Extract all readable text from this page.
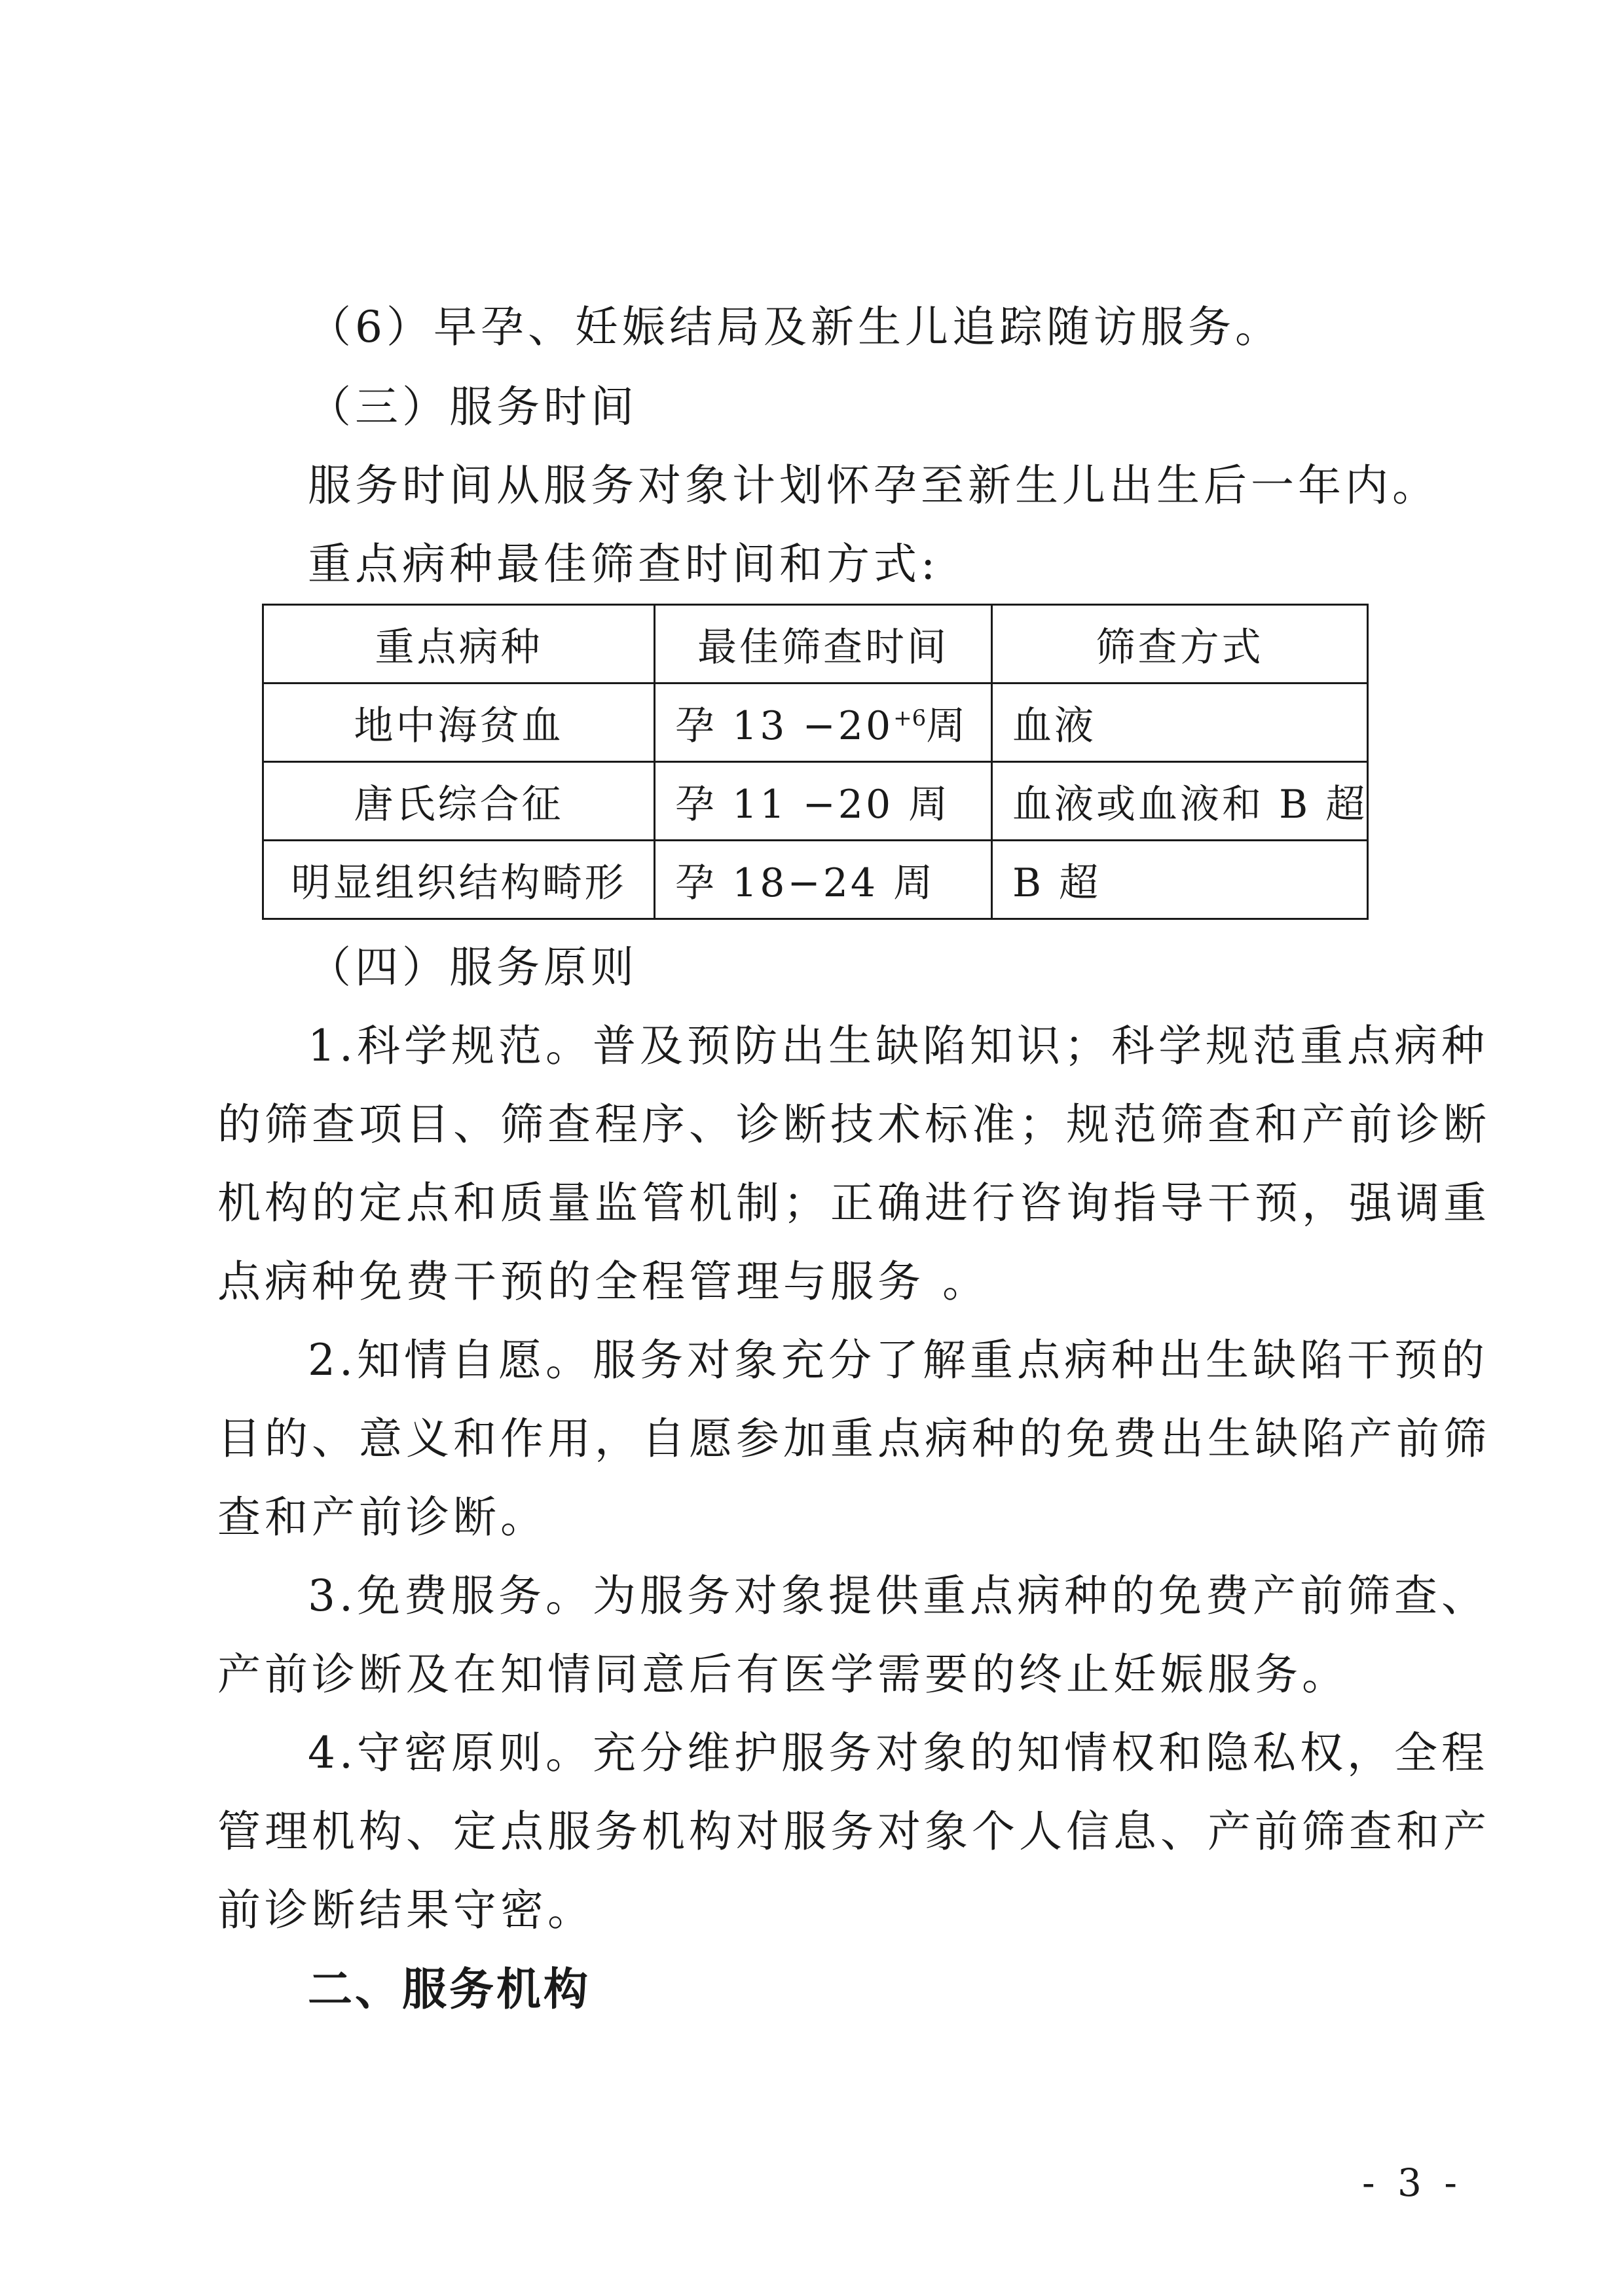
（6）早孕、妊娠结局及新生儿追踪随访服务。
（三）服务时间
服务时间从服务对象计划怀孕至新生儿出生后一年内。
重点病种最佳筛查时间和方式:
重点病种	最佳筛查时间	筛查方式
地中海贫血	孕 $13 -20^{+6}$周	血液
唐氏综合征	孕 11 −20 周	血液或血液和 B 超
明显组织结构畸形	孕 18−24 周	B 超
（四）服务原则
1.科学规范。普及预防出生缺陷知识；科学规范重点病种
的筛查项目、筛查程序、诊断技术标准；规范筛查和产前诊断
机构的定点和质量监管机制；正确进行咨询指导干预，强调重
点病种免费干预的全程管理与服务 。
2.知情自愿。服务对象充分了解重点病种出生缺陷干预的
目的、意义和作用，自愿参加重点病种的免费出生缺陷产前筛
查和产前诊断。
3.免费服务。为服务对象提供重点病种的免费产前筛查、
产前诊断及在知情同意后有医学需要的终止妊娠服务。
4.守密原则。充分维护服务对象的知情权和隐私权，全程
管理机构、定点服务机构对服务对象个人信息、产前筛查和产
前诊断结果守密。
二、服务机构
- 3 -
